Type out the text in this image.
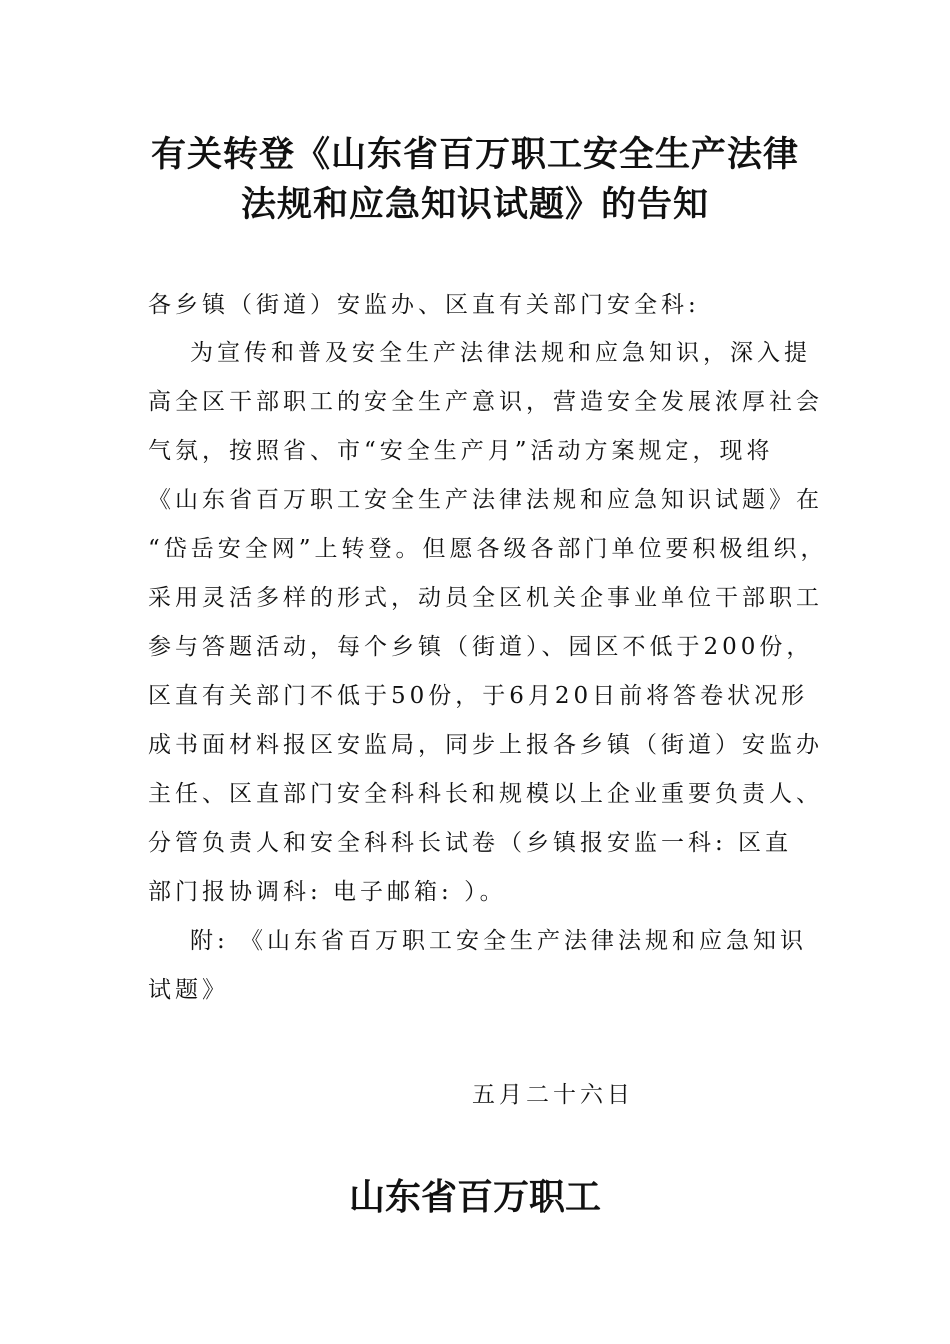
有关转登《山东省百万职工安全生产法律
法规和应急知识试题》的告知
各乡镇（街道）安监办、区直有关部门安全科:
为宣传和普及安全生产法律法规和应急知识，深入提
高全区干部职工的安全生产意识，营造安全发展浓厚社会
气氛，按照省、市“安全生产月”活动方案规定，现将
《山东省百万职工安全生产法律法规和应急知识试题》在
“岱岳安全网”上转登。但愿各级各部门单位要积极组织，
采用灵活多样的形式，动员全区机关企事业单位干部职工
参与答题活动，每个乡镇（街道）、园区不低于200份，
区直有关部门不低于50份，于6月20日前将答卷状况形
成书面材料报区安监局，同步上报各乡镇（街道）安监办
主任、区直部门安全科科长和规模以上企业重要负责人、
分管负责人和安全科科长试卷（乡镇报安监一科: 区直
部门报协调科: 电子邮箱: ）。
附: 《山东省百万职工安全生产法律法规和应急知识
试题》
五月二十六日
山东省百万职工
